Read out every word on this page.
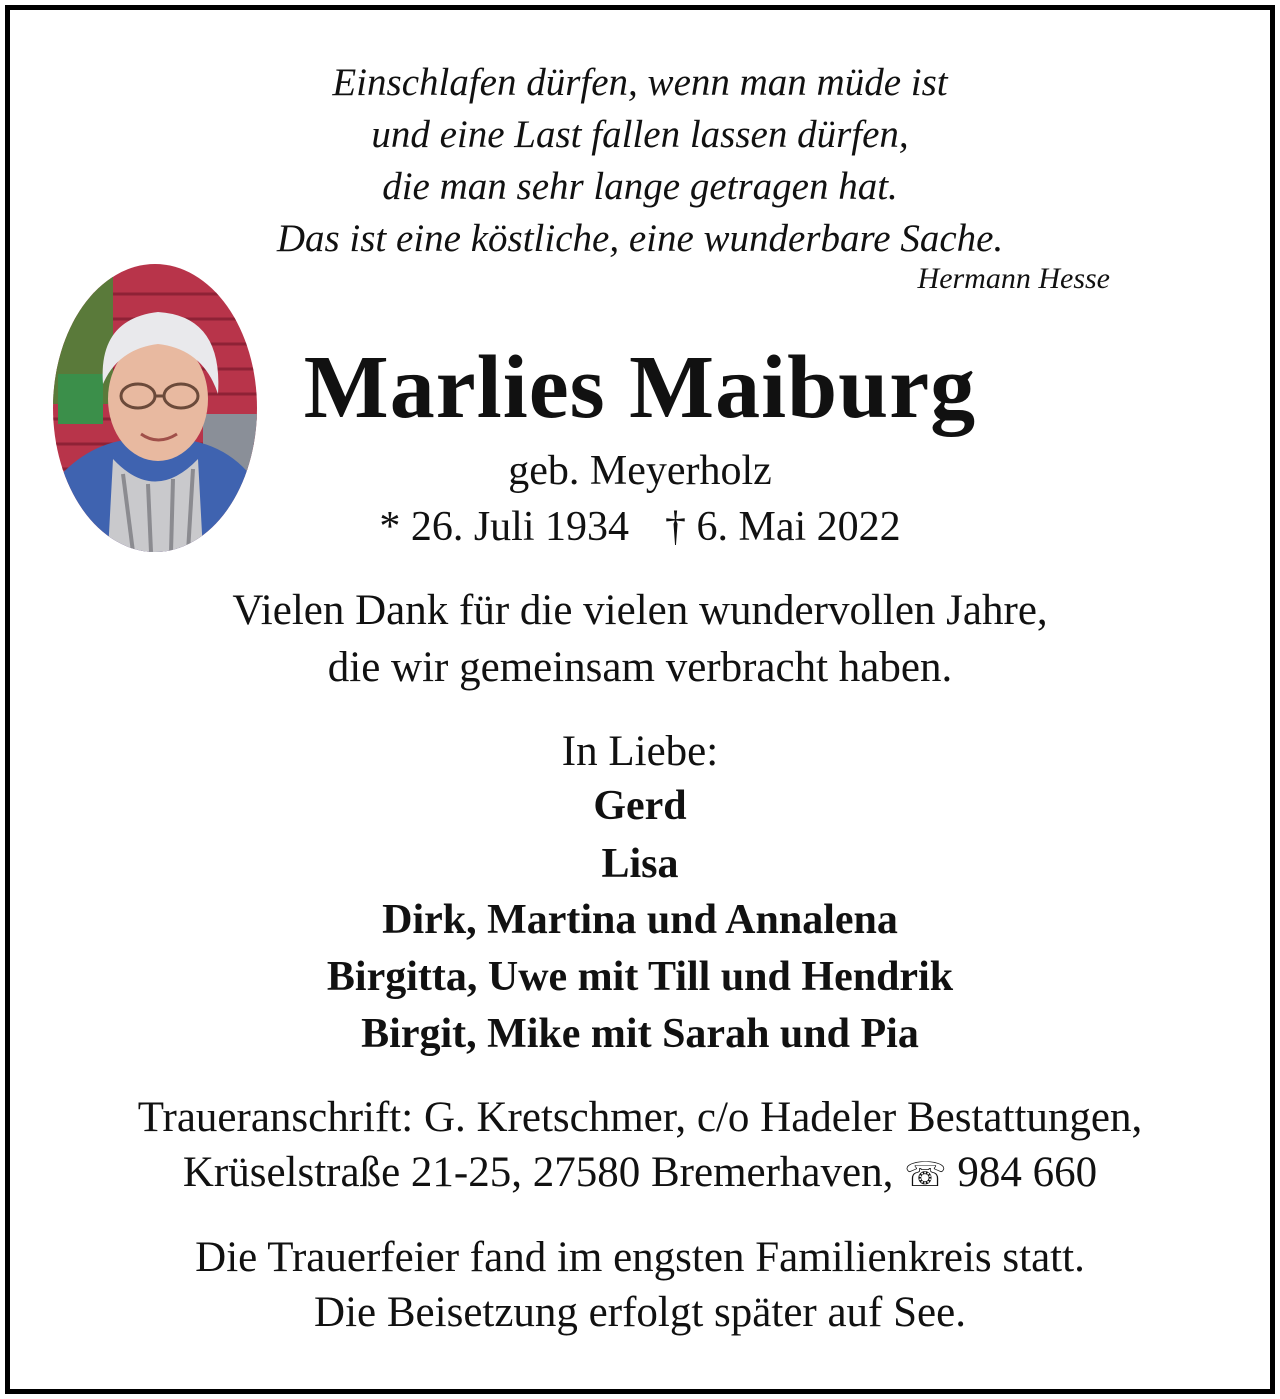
Einschlafen dürfen, wenn man müde ist
und eine Last fallen lassen dürfen,
die man sehr lange getragen hat.
Das ist eine köstliche, eine wunderbare Sache.
Hermann Hesse
Marlies Maiburg
geb. Meyerholz
* 26. Juli 1934 † 6. Mai 2022
Vielen Dank für die vielen wundervollen Jahre,
die wir gemeinsam verbracht haben.
In Liebe:
Gerd
Lisa
Dirk, Martina und Annalena
Birgitta, Uwe mit Till und Hendrik
Birgit, Mike mit Sarah und Pia
Traueranschrift: G. Kretschmer, c/o Hadeler Bestattungen,
Krüselstraße 21-25, 27580 Bremerhaven, ☏ 984 660
Die Trauerfeier fand im engsten Familienkreis statt.
Die Beisetzung erfolgt später auf See.
